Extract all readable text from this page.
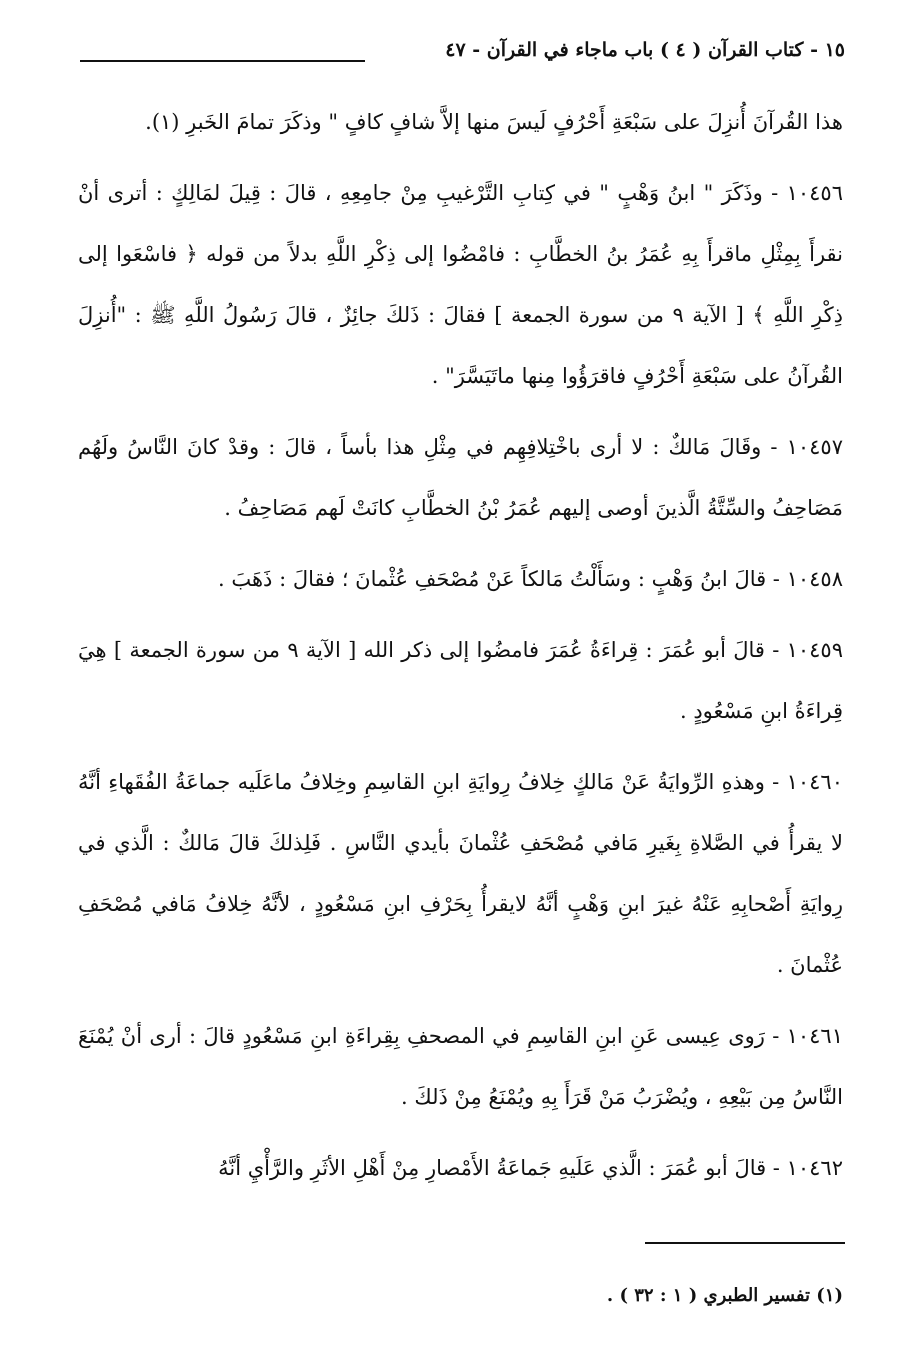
١٥ - كتاب القرآن ( ٤ ) باب ماجاء في القرآن - ٤٧

هذا القُرآنَ أُنزِلَ على سَبْعَةِ أَحْرُفٍ لَيسَ منها إلاَّ شافٍ كافٍ " وذكَرَ تمامَ الخَبرِ (١).

١٠٤٥٦ - وذَكَرَ " ابنُ وَهْبٍ " في كِتابِ التَّرْغيبِ مِنْ جامِعِهِ ، قالَ : قِيلَ لمَالِكٍ : أترى أنْ نقرأَ بِمِثْلِ ماقرأَ بِهِ عُمَرُ بنُ الخطَّابِ : فامْضُوا إلى ذِكْرِ اللَّهِ بدلاً من قوله ﴿ فاسْعَوا إلى ذِكْرِ اللَّهِ ﴾ [ الآية ٩ من سورة الجمعة ] فقالَ : ذَلكَ جائِزٌ ، قالَ رَسُولُ اللَّهِ ﷺ : "أُنزِلَ القُرآنُ على سَبْعَةِ أَحْرُفٍ فاقرَؤُوا مِنها ماتَيَسَّرَ" .

١٠٤٥٧ - وقَالَ مَالكٌ : لا أرى باخْتِلافِهِم في مِثْلِ هذا بأساً ، قالَ : وقدْ كانَ النَّاسُ ولَهُم مَصَاحِفُ والسِّتَّةُ الَّذينَ أوصى إليهم عُمَرُ بْنُ الخطَّابِ كانَتْ لَهم مَصَاحِفُ .

١٠٤٥٨ - قالَ ابنُ وَهْبٍ : وسَأَلْتُ مَالكاً عَنْ مُصْحَفِ عُثْمانَ ؛ فقالَ : ذَهَبَ .

١٠٤٥٩ - قالَ أبو عُمَرَ : قِراءَةُ عُمَرَ فامضُوا إلى ذكر الله [ الآية ٩ من سورة الجمعة ] هِيَ قِراءَةُ ابنِ مَسْعُودٍ .

١٠٤٦٠ - وهذهِ الرِّوايَةُ عَنْ مَالكٍ خِلافُ رِوايَةِ ابنِ القاسِمِ وخِلافُ ماعَلَيه جماعَةُ الفُقَهاءِ أنَّهُ لا يقرأُ في الصَّلاةِ بِغَيرِ مَافي مُصْحَفِ عُثْمانَ بأيدي النَّاسِ . فَلِذلكَ قالَ مَالكٌ : الَّذي في رِوايَةِ أَصْحابِهِ عَنْهُ غيرَ ابنِ وَهْبٍ أنَّهُ لايقرأُ بِحَرْفِ ابنِ مَسْعُودٍ ، لأنَّهُ خِلافُ مَافي مُصْحَفِ عُثْمانَ .

١٠٤٦١ - رَوى عِيسى عَنِ ابنِ القاسِمِ في المصحفِ بِقِراءَةِ ابنِ مَسْعُودٍ قالَ : أرى أنْ يُمْنَعَ النَّاسُ مِن بَيْعِهِ ، ويُضْرَبُ مَنْ قَرَأَ بِهِ ويُمْنَعُ مِنْ ذَلكَ .

١٠٤٦٢ - قالَ أبو عُمَرَ : الَّذي عَلَيهِ جَماعَةُ الأَمْصارِ مِنْ أَهْلِ الأثَرِ والرَّأْيِ أنَّهُ

(١) تفسير الطبري ( ١ : ٣٢ ) .
